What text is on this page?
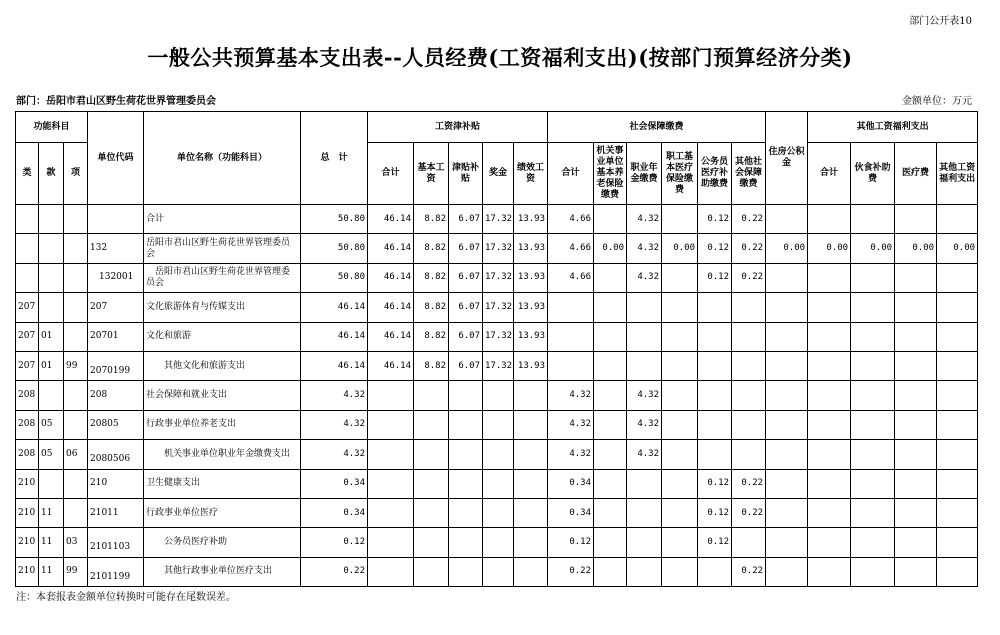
部门公开表10
一般公共预算基本支出表--人员经费(工资福利支出)(按部门预算经济分类)
部门：岳阳市君山区野生荷花世界管理委员会	金额单位：万元
功能科目			单位代码	单位名称（功能科目）	总　计	工资津补贴					社会保障缴费						住房公积金	其他工资福利支出			
类	款	项				合计	基本工资	津贴补贴	奖金	绩效工资	合计	机关事业单位基本养老保险缴费	职业年金缴费	职工基本医疗保险缴费	公务员医疗补助缴费	其他社会保障缴费		合计	伙食补助费	医疗费	其他工资福利支出
				合计	50.80	46.14	8.82	6.07	17.32	13.93	4.66		4.32		0.12	0.22					
			132	岳阳市君山区野生荷花世界管理委员会	50.80	46.14	8.82	6.07	17.32	13.93	4.66	0.00	4.32	0.00	0.12	0.22	0.00	0.00	0.00	0.00	0.00
			　132001	　岳阳市君山区野生荷花世界管理委员会	50.80	46.14	8.82	6.07	17.32	13.93	4.66		4.32		0.12	0.22					
207			207	文化旅游体育与传媒支出	46.14	46.14	8.82	6.07	17.32	13.93											
207	01		20701	文化和旅游	46.14	46.14	8.82	6.07	17.32	13.93											
207	01	99	　　　2070199	　　其他文化和旅游支出	46.14	46.14	8.82	6.07	17.32	13.93											
208			208	社会保障和就业支出	4.32						4.32		4.32								
208	05		20805	行政事业单位养老支出	4.32						4.32		4.32								
208	05	06	　　　2080506	　　机关事业单位职业年金缴费支出	4.32						4.32		4.32								
210			210	卫生健康支出	0.34						0.34				0.12	0.22					
210	11		21011	行政事业单位医疗	0.34						0.34				0.12	0.22					
210	11	03	　　　2101103	　　公务员医疗补助	0.12						0.12				0.12						
210	11	99	　　　2101199	　　其他行政事业单位医疗支出	0.22						0.22					0.22					
注：本套报表金额单位转换时可能存在尾数误差。
